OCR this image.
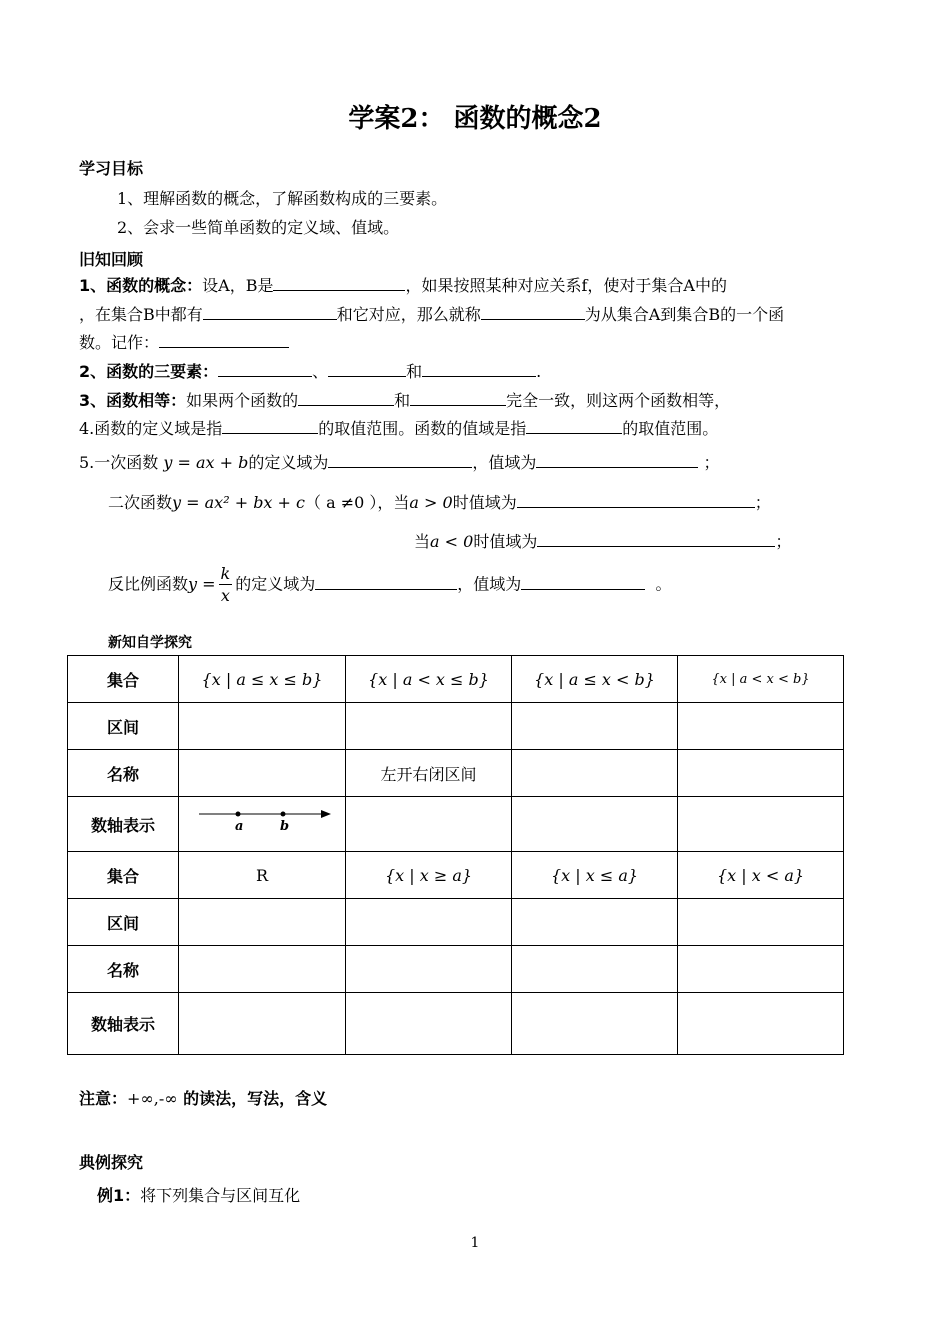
学案2： 函数的概念2
学习目标
1、理解函数的概念，了解函数构成的三要素。
2、会求一些简单函数的定义域、值域。
旧知回顾
1、函数的概念：设A，B是	，如果按照某种对应关系f，使对于集合A中的
，在集合B中都有	和它对应，那么就称	为从集合A到集合B的一个函
数。记作：
2、函数的三要素：	、	和	.
3、函数相等：如果两个函数的	和	完全一致，则这两个函数相等，
4.函数的定义域是指	的取值范围。函数的值域是指	的取值范围。
5.一次函数 y = ax + b的定义域为	，值域为	；
二次函数y = ax² + bx + c（ a ≠0 ），当a > 0时值域为	；
当a < 0时值域为	；
反比例函数$y = \frac{k}{x}$ 的定义域为	，值域为	。
新知自学探究
集合	{x | a ≤ x ≤ b}	{x | a < x ≤ b}	{x | a ≤ x < b}	{x | a < x < b}
区间				
名称		左开右闭区间		
数轴表示	a b			

集合	R	{x | x ≥ a}	{x | x ≤ a}	{x | x < a}
区间				
名称				
数轴表示				
注意：+∞,-∞ 的读法，写法，含义
典例探究
例1：将下列集合与区间互化
1
